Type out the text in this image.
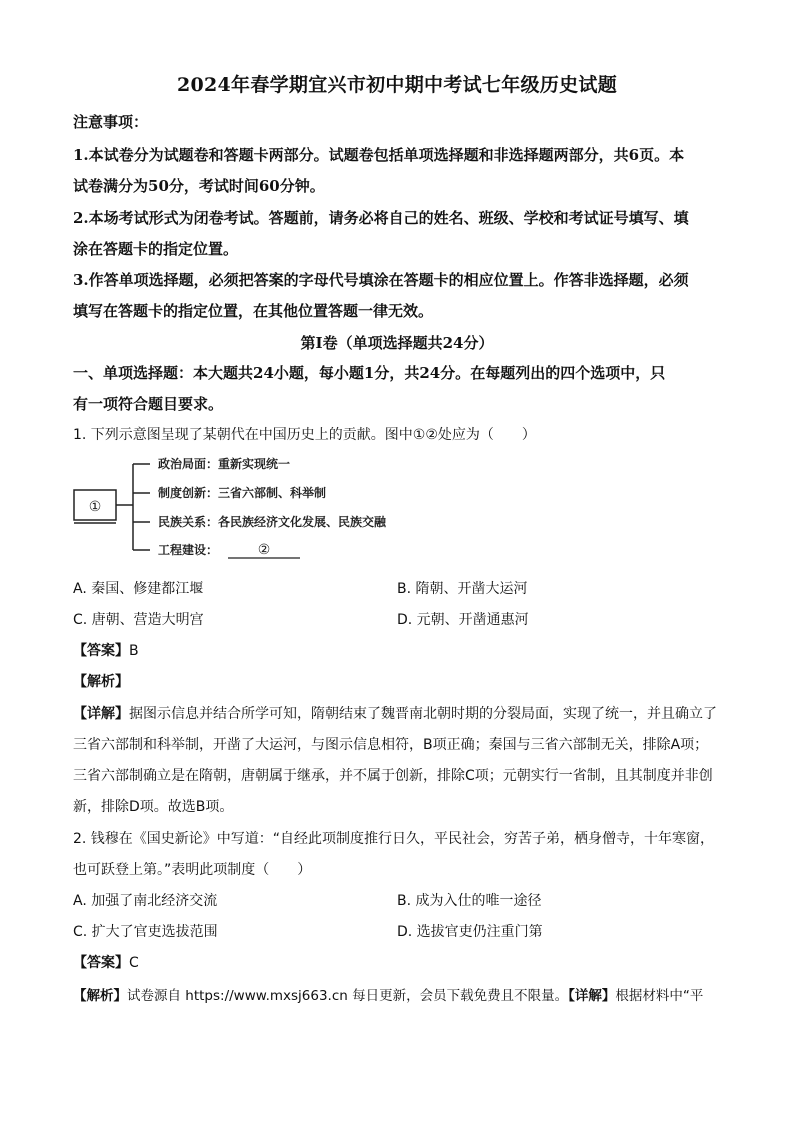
2024年春学期宜兴市初中期中考试七年级历史试题
注意事项：
1.本试卷分为试题卷和答题卡两部分。试题卷包括单项选择题和非选择题两部分，共6页。本
试卷满分为50分，考试时间60分钟。
2.本场考试形式为闭卷考试。答题前，请务必将自己的姓名、班级、学校和考试证号填写、填
涂在答题卡的指定位置。
3.作答单项选择题，必须把答案的字母代号填涂在答题卡的相应位置上。作答非选择题，必须
填写在答题卡的指定位置，在其他位置答题一律无效。
第Ⅰ卷（单项选择题共24分）
一、单项选择题：本大题共24小题，每小题1分，共24分。在每题列出的四个选项中，只
有一项符合题目要求。
1. 下列示意图呈现了某朝代在中国历史上的贡献。图中①②处应为（　　）
①
政治局面：重新实现统一
制度创新：三省六部制、科举制
民族关系：各民族经济文化发展、民族交融
工程建设：	②
A. 秦国、修建都江堰	B. 隋朝、开凿大运河
C. 唐朝、营造大明宫	D. 元朝、开凿通惠河
【答案】B
【解析】
【详解】据图示信息并结合所学可知，隋朝结束了魏晋南北朝时期的分裂局面，实现了统一，并且确立了
三省六部制和科举制，开凿了大运河，与图示信息相符，B项正确；秦国与三省六部制无关，排除A项；
三省六部制确立是在隋朝，唐朝属于继承，并不属于创新，排除C项；元朝实行一省制，且其制度并非创
新，排除D项。故选B项。
2. 钱穆在《国史新论》中写道：“自经此项制度推行日久，平民社会，穷苦子弟，栖身僧寺，十年寒窗，
也可跃登上第。”表明此项制度（　　）
A. 加强了南北经济交流	B. 成为入仕的唯一途径
C. 扩大了官吏选拔范围	D. 选拔官吏仍注重门第
【答案】C
【解析】试卷源自 https://www.mxsj663.cn 每日更新，会员下载免费且不限量。【详解】根据材料中“平
